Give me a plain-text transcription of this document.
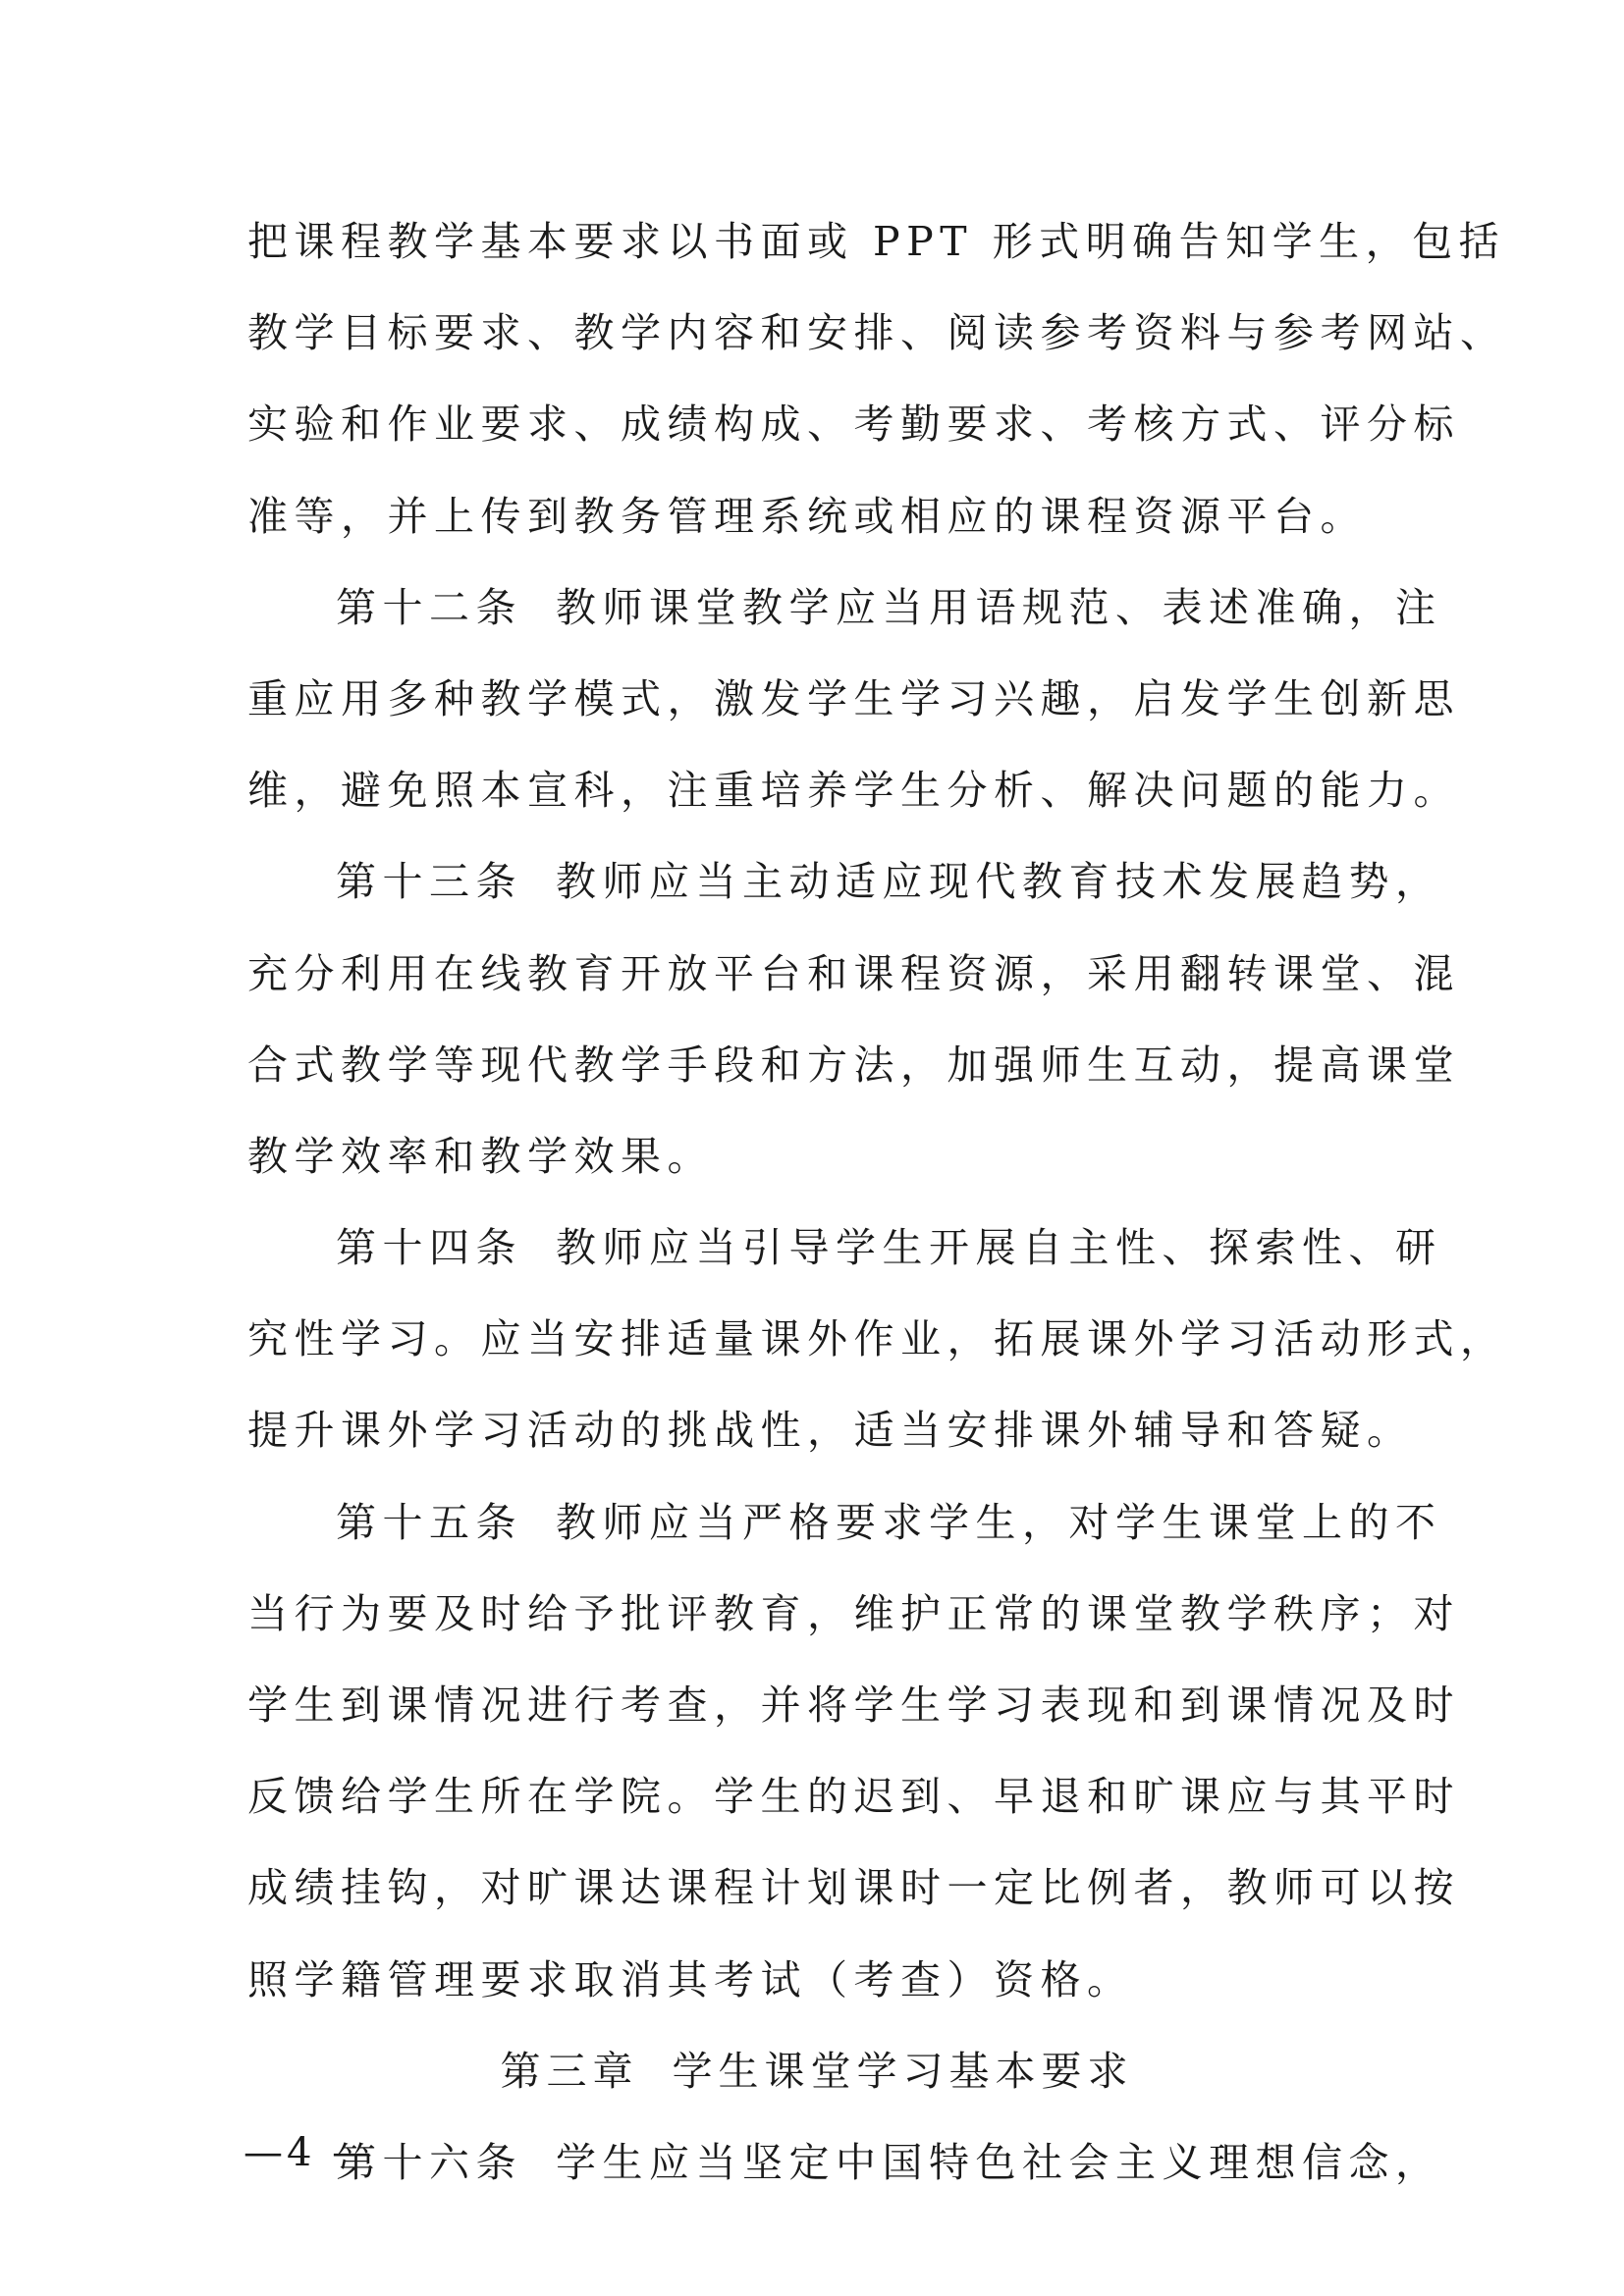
把课程教学基本要求以书面或 PPT 形式明确告知学生，包括
教学目标要求、教学内容和安排、阅读参考资料与参考网站、
实验和作业要求、成绩构成、考勤要求、考核方式、评分标
准等，并上传到教务管理系统或相应的课程资源平台。
第十二条 教师课堂教学应当用语规范、表述准确，注
重应用多种教学模式，激发学生学习兴趣，启发学生创新思
维，避免照本宣科，注重培养学生分析、解决问题的能力。
第十三条 教师应当主动适应现代教育技术发展趋势，
充分利用在线教育开放平台和课程资源，采用翻转课堂、混
合式教学等现代教学手段和方法，加强师生互动，提高课堂
教学效率和教学效果。
第十四条 教师应当引导学生开展自主性、探索性、研
究性学习。应当安排适量课外作业，拓展课外学习活动形式，
提升课外学习活动的挑战性，适当安排课外辅导和答疑。
第十五条 教师应当严格要求学生，对学生课堂上的不
当行为要及时给予批评教育，维护正常的课堂教学秩序；对
学生到课情况进行考查，并将学生学习表现和到课情况及时
反馈给学生所在学院。学生的迟到、早退和旷课应与其平时
成绩挂钩，对旷课达课程计划课时一定比例者，教师可以按
照学籍管理要求取消其考试（考查）资格。
第三章 学生课堂学习基本要求
第十六条 学生应当坚定中国特色社会主义理想信念，
—4 —
